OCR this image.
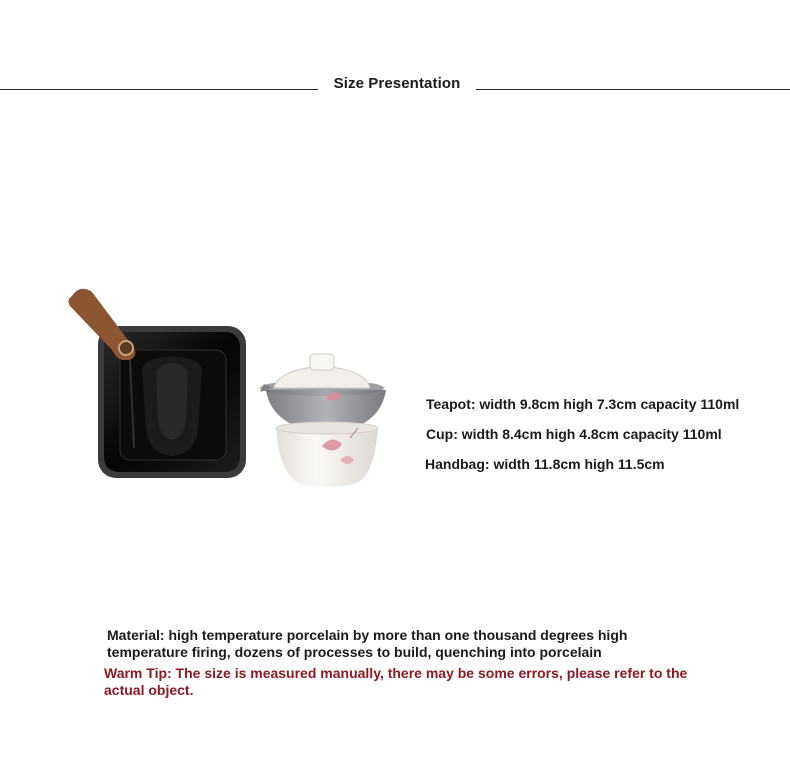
Size Presentation
Teapot: width 9.8cm high 7.3cm capacity 110ml
Cup: width 8.4cm high 4.8cm capacity 110ml
Handbag: width 11.8cm high 11.5cm
Material: high temperature porcelain by more than one thousand degrees high temperature firing, dozens of processes to build, quenching into porcelain
Warm Tip: The size is measured manually, there may be some errors, please refer to the actual object.
